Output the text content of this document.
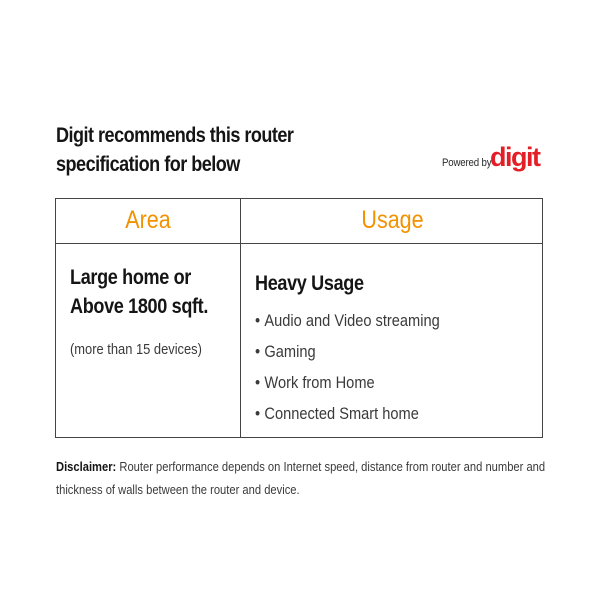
Digit recommends this router
specification for below	Powered by
digit
Area	Usage
Large home or
Above 1800 sqft.
(more than 15 devices)
Heavy Usage
• Audio and Video streaming
• Gaming
• Work from Home
• Connected Smart home
Disclaimer: Router performance depends on Internet speed, distance from router and number and thickness of walls between the router and device.
